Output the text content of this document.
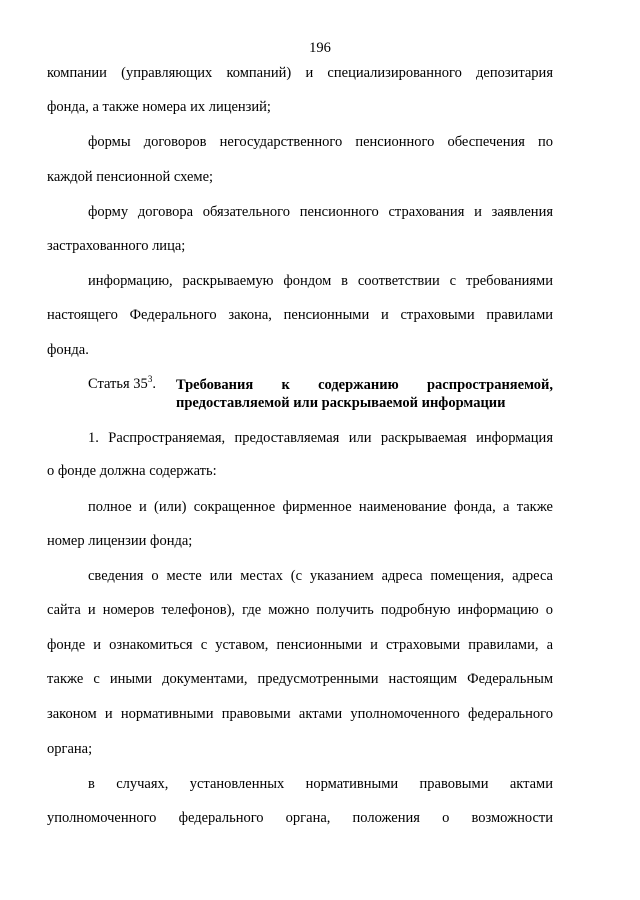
196
компании (управляющих компаний) и специализированного депозитария
фонда, а также номера их лицензий;
формы договоров негосударственного пенсионного обеспечения по
каждой пенсионной схеме;
форму договора обязательного пенсионного страхования и заявления
застрахованного лица;
информацию, раскрываемую фондом в соответствии с требованиями
настоящего Федерального закона, пенсионными и страховыми правилами
фонда.
Статья $35^3$. Требования к содержанию распространяемой,
предоставляемой или раскрываемой информации
1. Распространяемая, предоставляемая или раскрываемая информация
о фонде должна содержать:
полное и (или) сокращенное фирменное наименование фонда, а также
номер лицензии фонда;
сведения о месте или местах (с указанием адреса помещения, адреса
сайта и номеров телефонов), где можно получить подробную информацию о
фонде и ознакомиться с уставом, пенсионными и страховыми правилами, а
также с иными документами, предусмотренными настоящим Федеральным
законом и нормативными правовыми актами уполномоченного федерального
органа;
в случаях, установленных нормативными правовыми актами
уполномоченного федерального органа, положения о возможности
